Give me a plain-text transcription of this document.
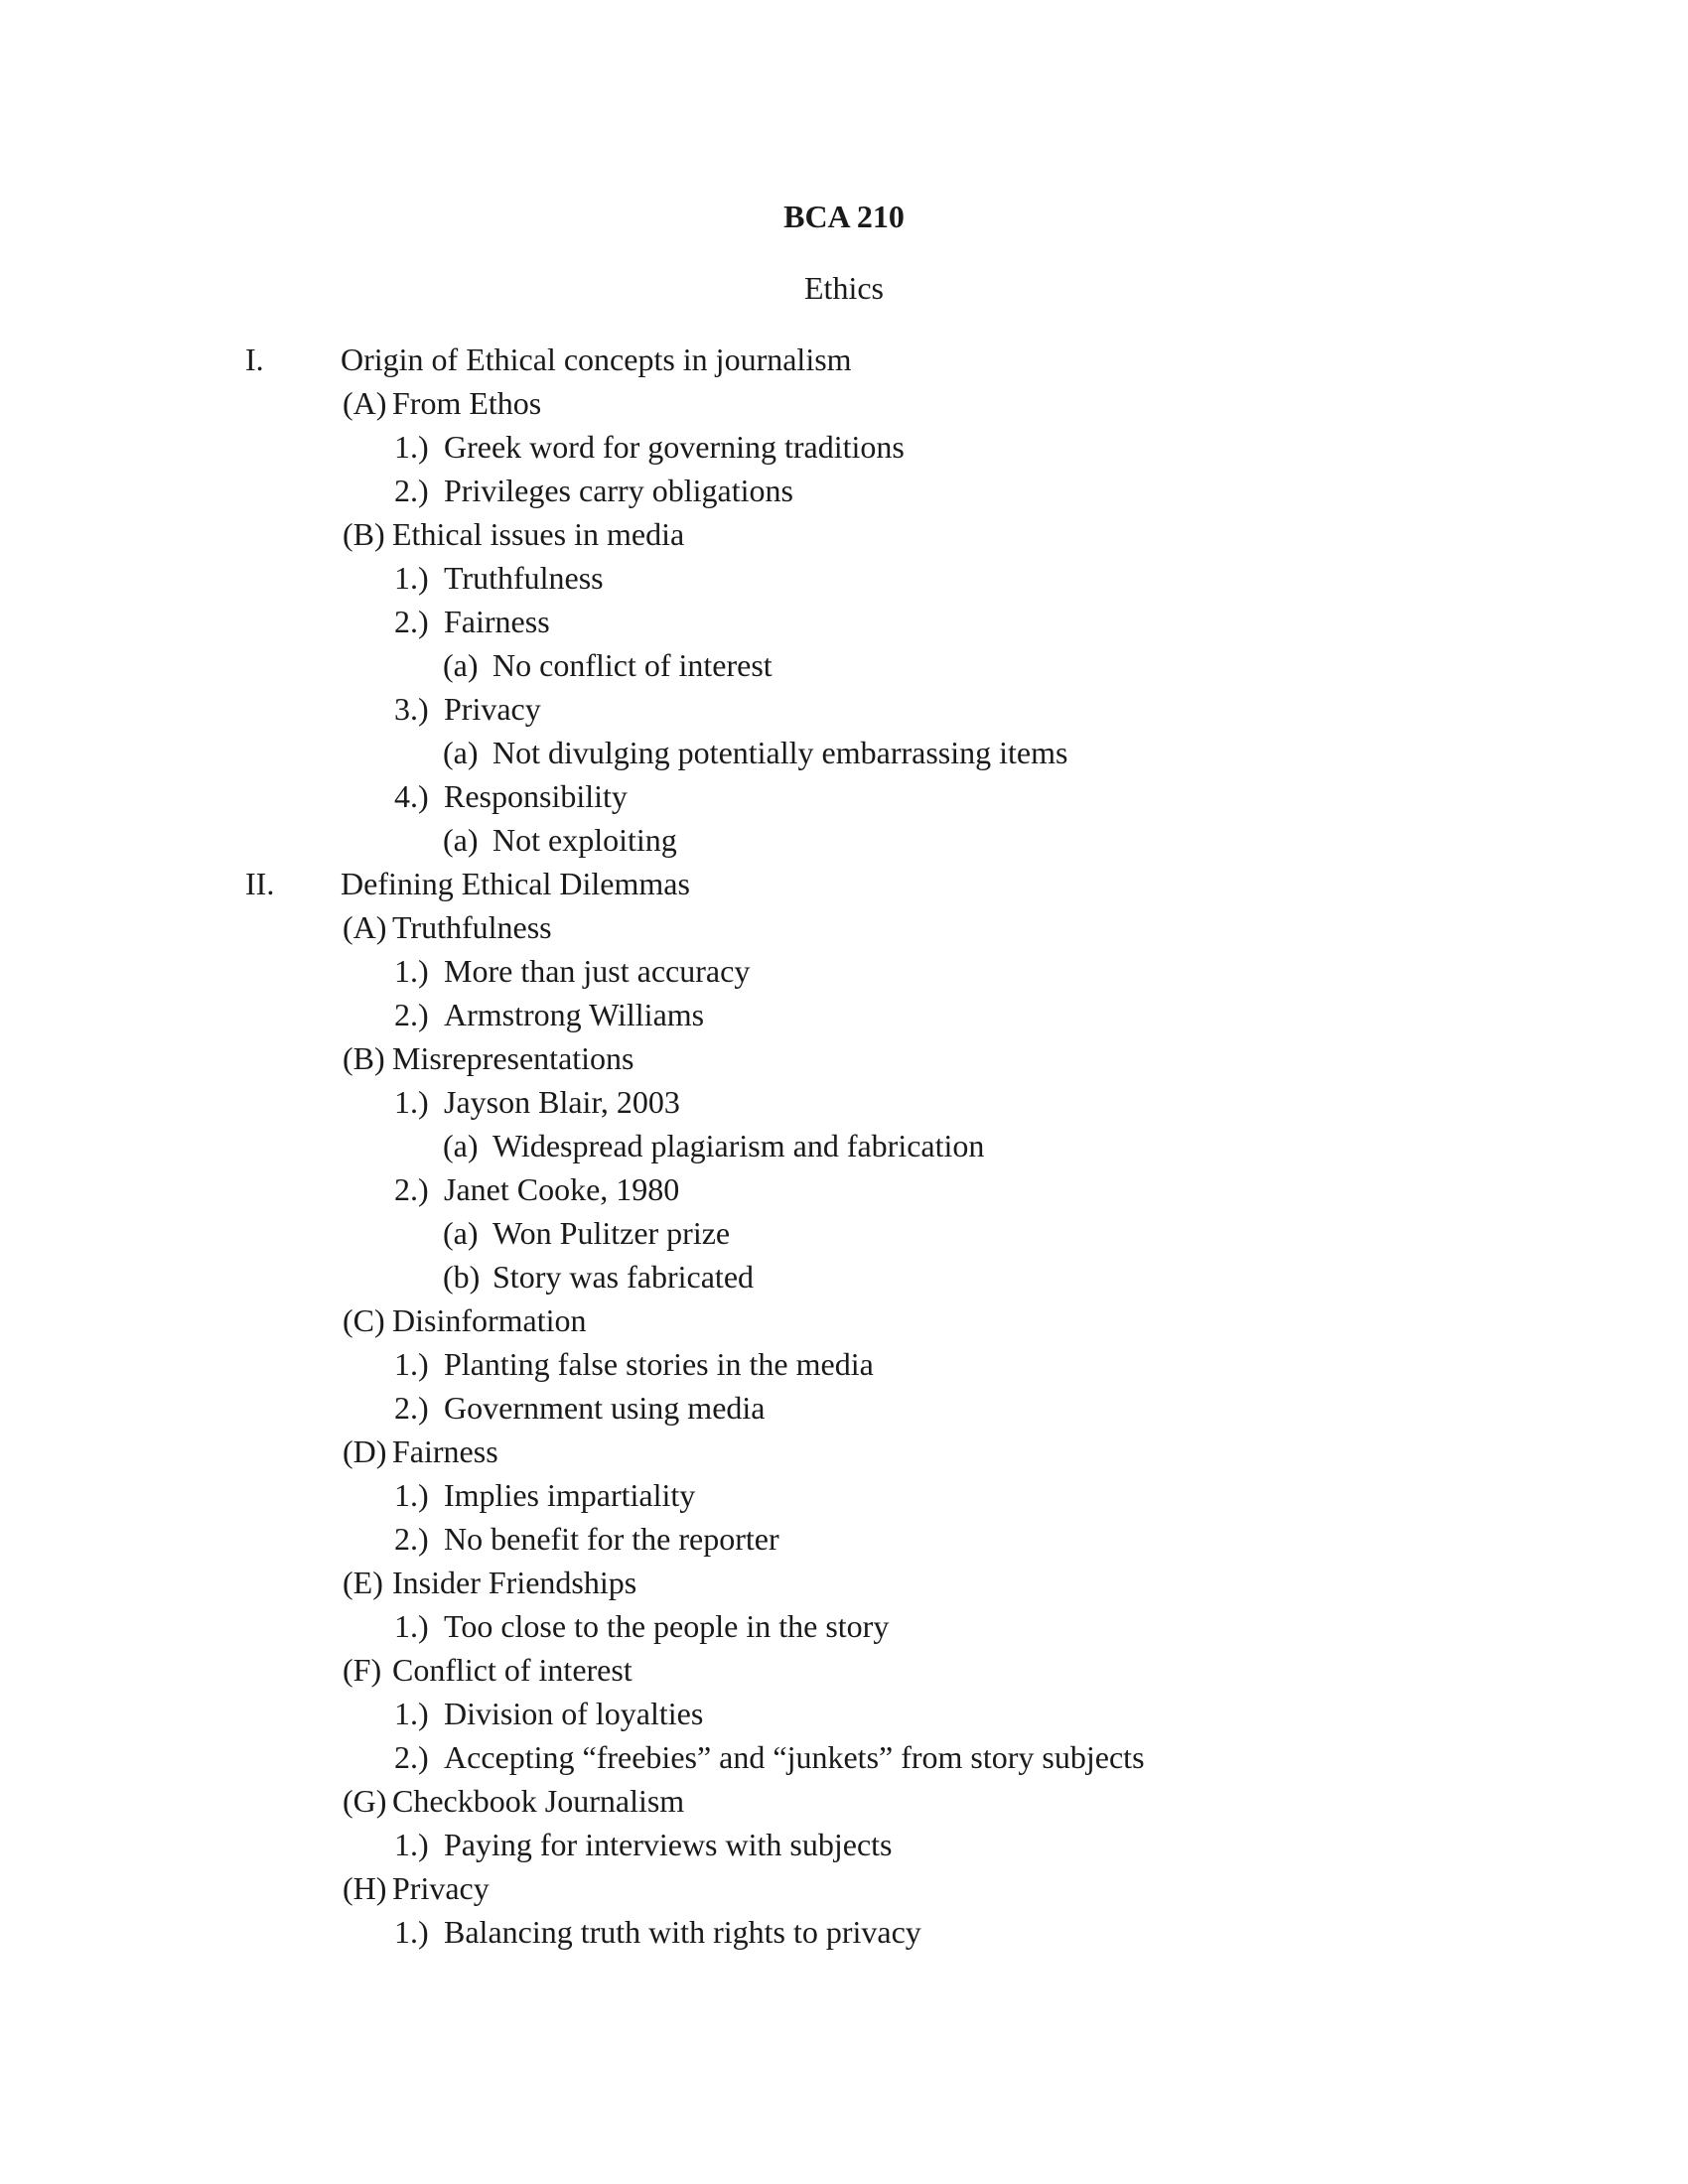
BCA 210
Ethics
I. Origin of Ethical concepts in journalism
(A) From Ethos
1.) Greek word for governing traditions
2.) Privileges carry obligations
(B) Ethical issues in media
1.) Truthfulness
2.) Fairness
(a) No conflict of interest
3.) Privacy
(a) Not divulging potentially embarrassing items
4.) Responsibility
(a) Not exploiting
II. Defining Ethical Dilemmas
(A) Truthfulness
1.) More than just accuracy
2.) Armstrong Williams
(B) Misrepresentations
1.) Jayson Blair, 2003
(a) Widespread plagiarism and fabrication
2.) Janet Cooke, 1980
(a) Won Pulitzer prize
(b) Story was fabricated
(C) Disinformation
1.) Planting false stories in the media
2.) Government using media
(D) Fairness
1.) Implies impartiality
2.) No benefit for the reporter
(E) Insider Friendships
1.) Too close to the people in the story
(F) Conflict of interest
1.) Division of loyalties
2.) Accepting “freebies” and “junkets” from story subjects
(G) Checkbook Journalism
1.) Paying for interviews with subjects
(H) Privacy
1.) Balancing truth with rights to privacy
